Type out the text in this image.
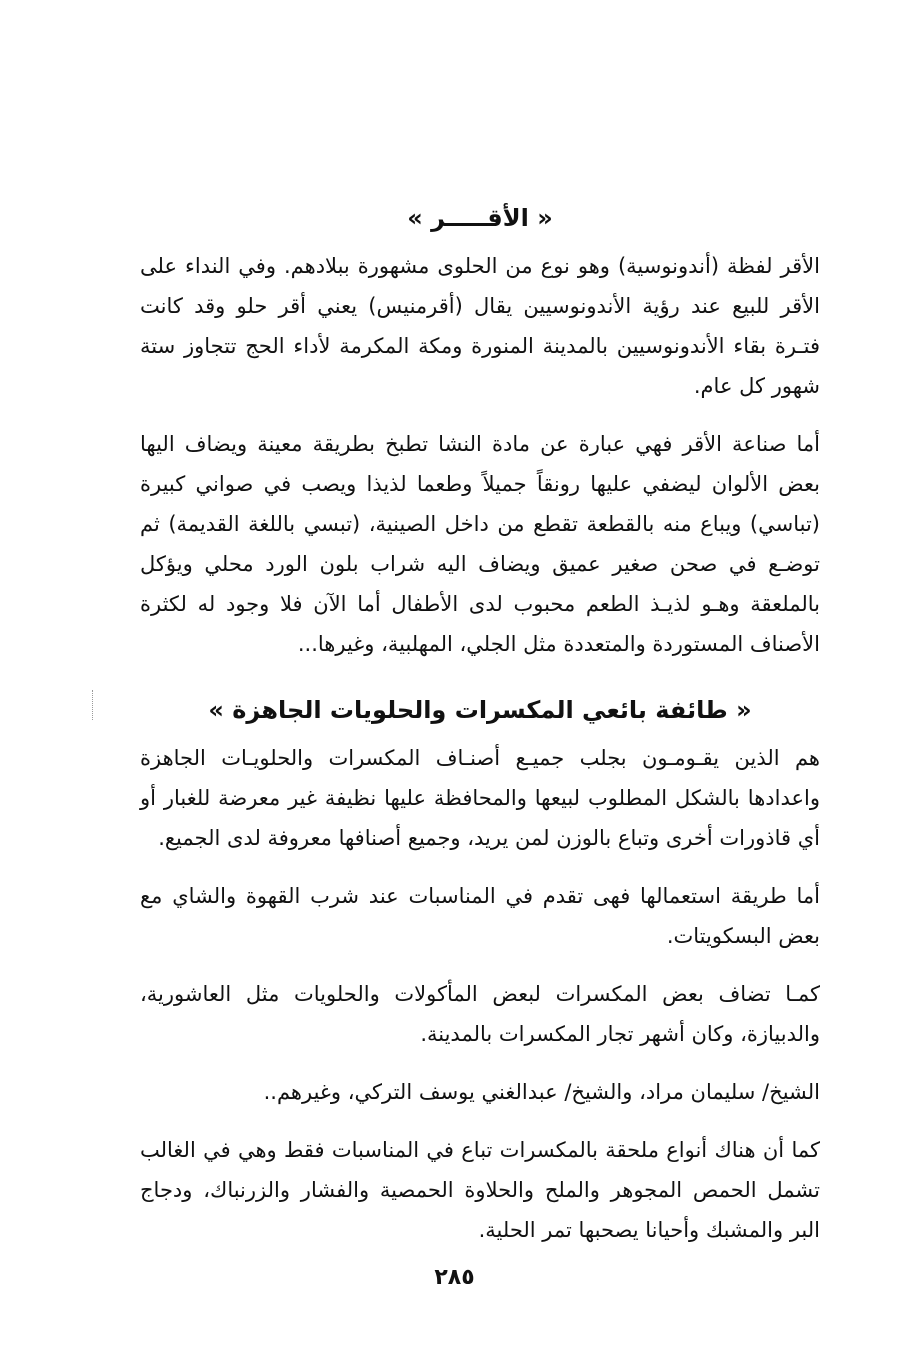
« الأقـــــر »

الأقر لفظة (أندونوسية) وهو نوع من الحلوى مشهورة ببلادهم. وفي النداء على الأقر للبيع عند رؤية الأندونوسيين يقال (أقرمنيس) يعني أقر حلو وقد كانت فتـرة بقاء الأندونوسيين بالمدينة المنورة ومكة المكرمة لأداء الحج تتجاوز ستة شهور كل عام.

أما صناعة الأقر فهي عبارة عن مادة النشا تطبخ بطريقة معينة ويضاف اليها بعض الألوان ليضفي عليها رونقاً جميلاً وطعما لذيذا ويصب في صواني كبيرة (تباسي) ويباع منه بالقطعة تقطع من داخل الصينية، (تبسي باللغة القديمة) ثم توضـع في صحن صغير عميق ويضاف اليه شراب بلون الورد محلي ويؤكل بالملعقة وهـو لذيـذ الطعم محبوب لدى الأطفال أما الآن فلا وجود له لكثرة الأصناف المستوردة والمتعددة مثل الجلي، المهلبية، وغيرها...

« طائفة بائعي المكسرات والحلويات الجاهزة »

هم الذين يقـومـون بجلب جميـع أصنـاف المكسرات والحلويـات الجاهزة واعدادها بالشكل المطلوب لبيعها والمحافظة عليها نظيفة غير معرضة للغبار أو أي قاذورات أخرى وتباع بالوزن لمن يريد، وجميع أصنافها معروفة لدى الجميع.

أما طريقة استعمالها فهى تقدم في المناسبات عند شرب القهوة والشاي مع بعض البسكويتات.

كمـا تضاف بعض المكسرات لبعض المأكولات والحلويات مثل العاشورية، والدبيازة، وكان أشهر تجار المكسرات بالمدينة.

الشيخ/ سليمان مراد، والشيخ/ عبدالغني يوسف التركي، وغيرهم..

كما أن هناك أنواع ملحقة بالمكسرات تباع في المناسبات فقط وهي في الغالب تشمل الحمص المجوهر والملح والحلاوة الحمصية والفشار والزرنباك، ودجاج البر والمشبك وأحيانا يصحبها تمر الحلية.

٢٨٥
